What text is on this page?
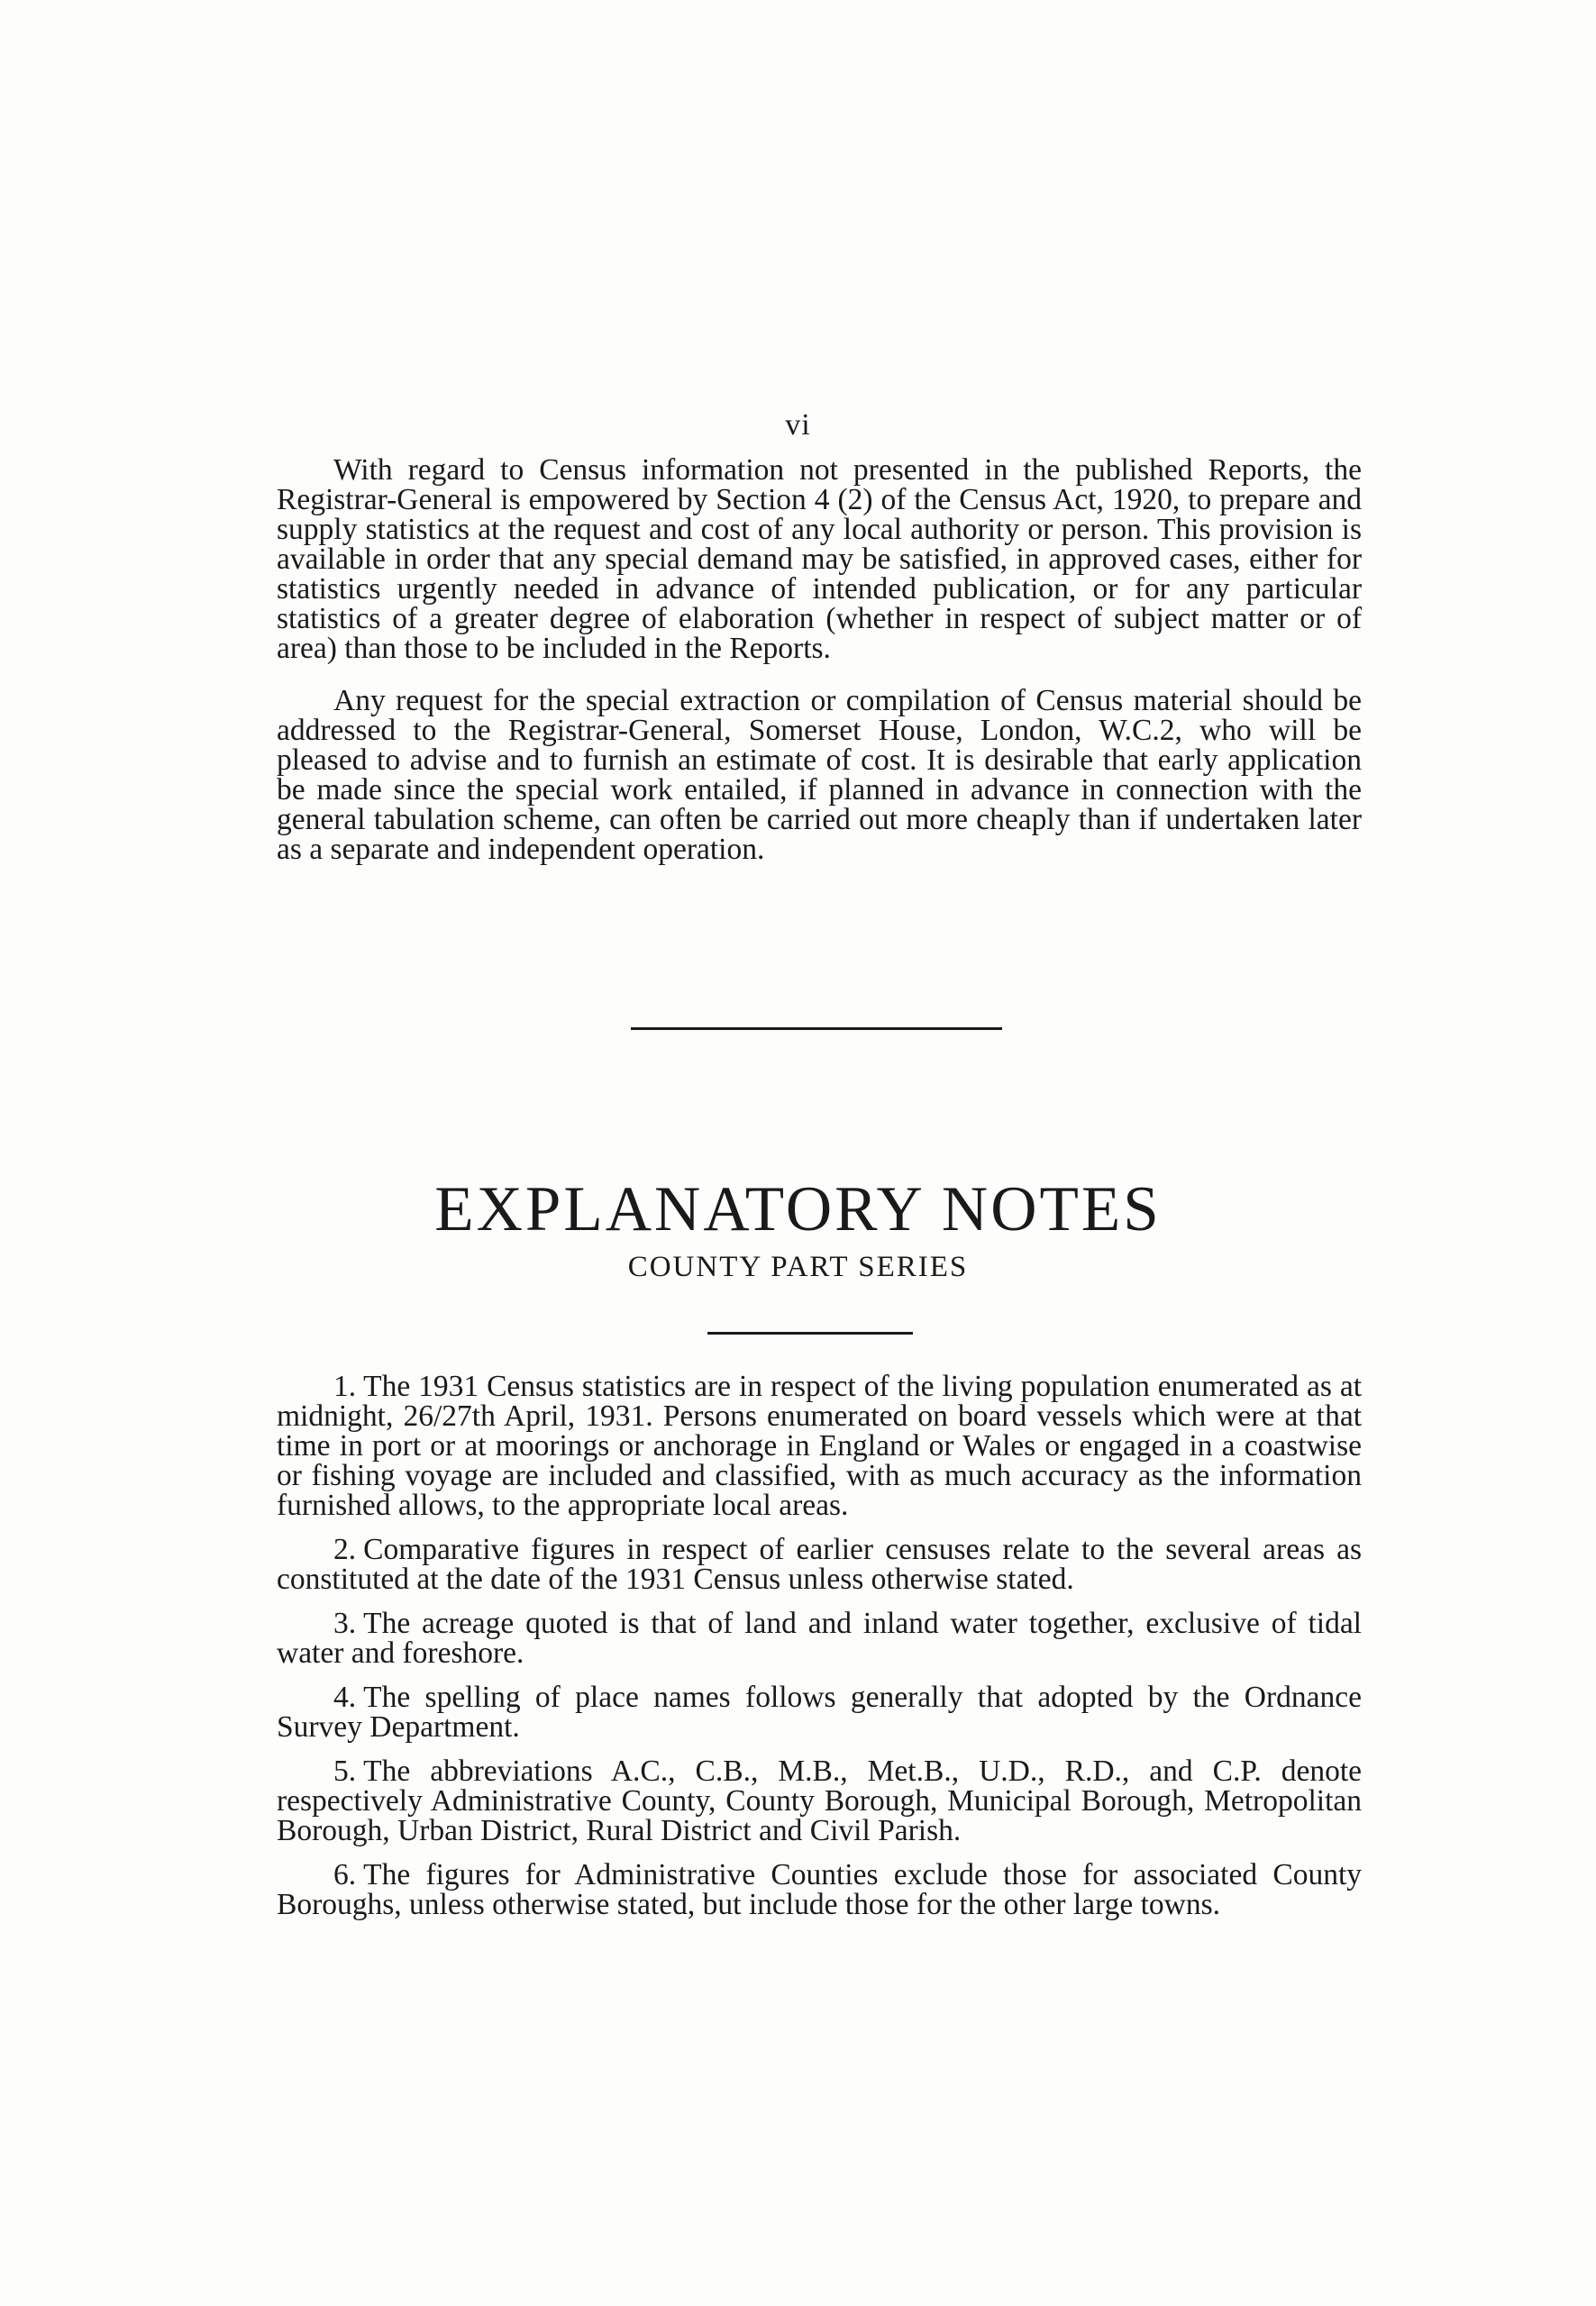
vi

With regard to Census information not presented in the published Reports, the Registrar-General is empowered by Section 4 (2) of the Census Act, 1920, to prepare and supply statistics at the request and cost of any local authority or person. This provision is available in order that any special demand may be satisfied, in approved cases, either for statistics urgently needed in advance of intended publication, or for any particular statistics of a greater degree of elaboration (whether in respect of subject matter or of area) than those to be included in the Reports.

Any request for the special extraction or compilation of Census material should be addressed to the Registrar-General, Somerset House, London, W.C.2, who will be pleased to advise and to furnish an estimate of cost. It is desirable that early application be made since the special work entailed, if planned in advance in connection with the general tabulation scheme, can often be carried out more cheaply than if undertaken later as a separate and independent operation.

EXPLANATORY NOTES
COUNTY PART SERIES

1. The 1931 Census statistics are in respect of the living population enumerated as at midnight, 26/27th April, 1931. Persons enumerated on board vessels which were at that time in port or at moorings or anchorage in England or Wales or engaged in a coastwise or fishing voyage are included and classified, with as much accuracy as the information furnished allows, to the appropriate local areas.

2. Comparative figures in respect of earlier censuses relate to the several areas as constituted at the date of the 1931 Census unless otherwise stated.

3. The acreage quoted is that of land and inland water together, exclusive of tidal water and foreshore.

4. The spelling of place names follows generally that adopted by the Ordnance Survey Department.

5. The abbreviations A.C., C.B., M.B., Met.B., U.D., R.D., and C.P. denote respectively Administrative County, County Borough, Municipal Borough, Metropolitan Borough, Urban District, Rural District and Civil Parish.

6. The figures for Administrative Counties exclude those for associated County Boroughs, unless otherwise stated, but include those for the other large towns.
